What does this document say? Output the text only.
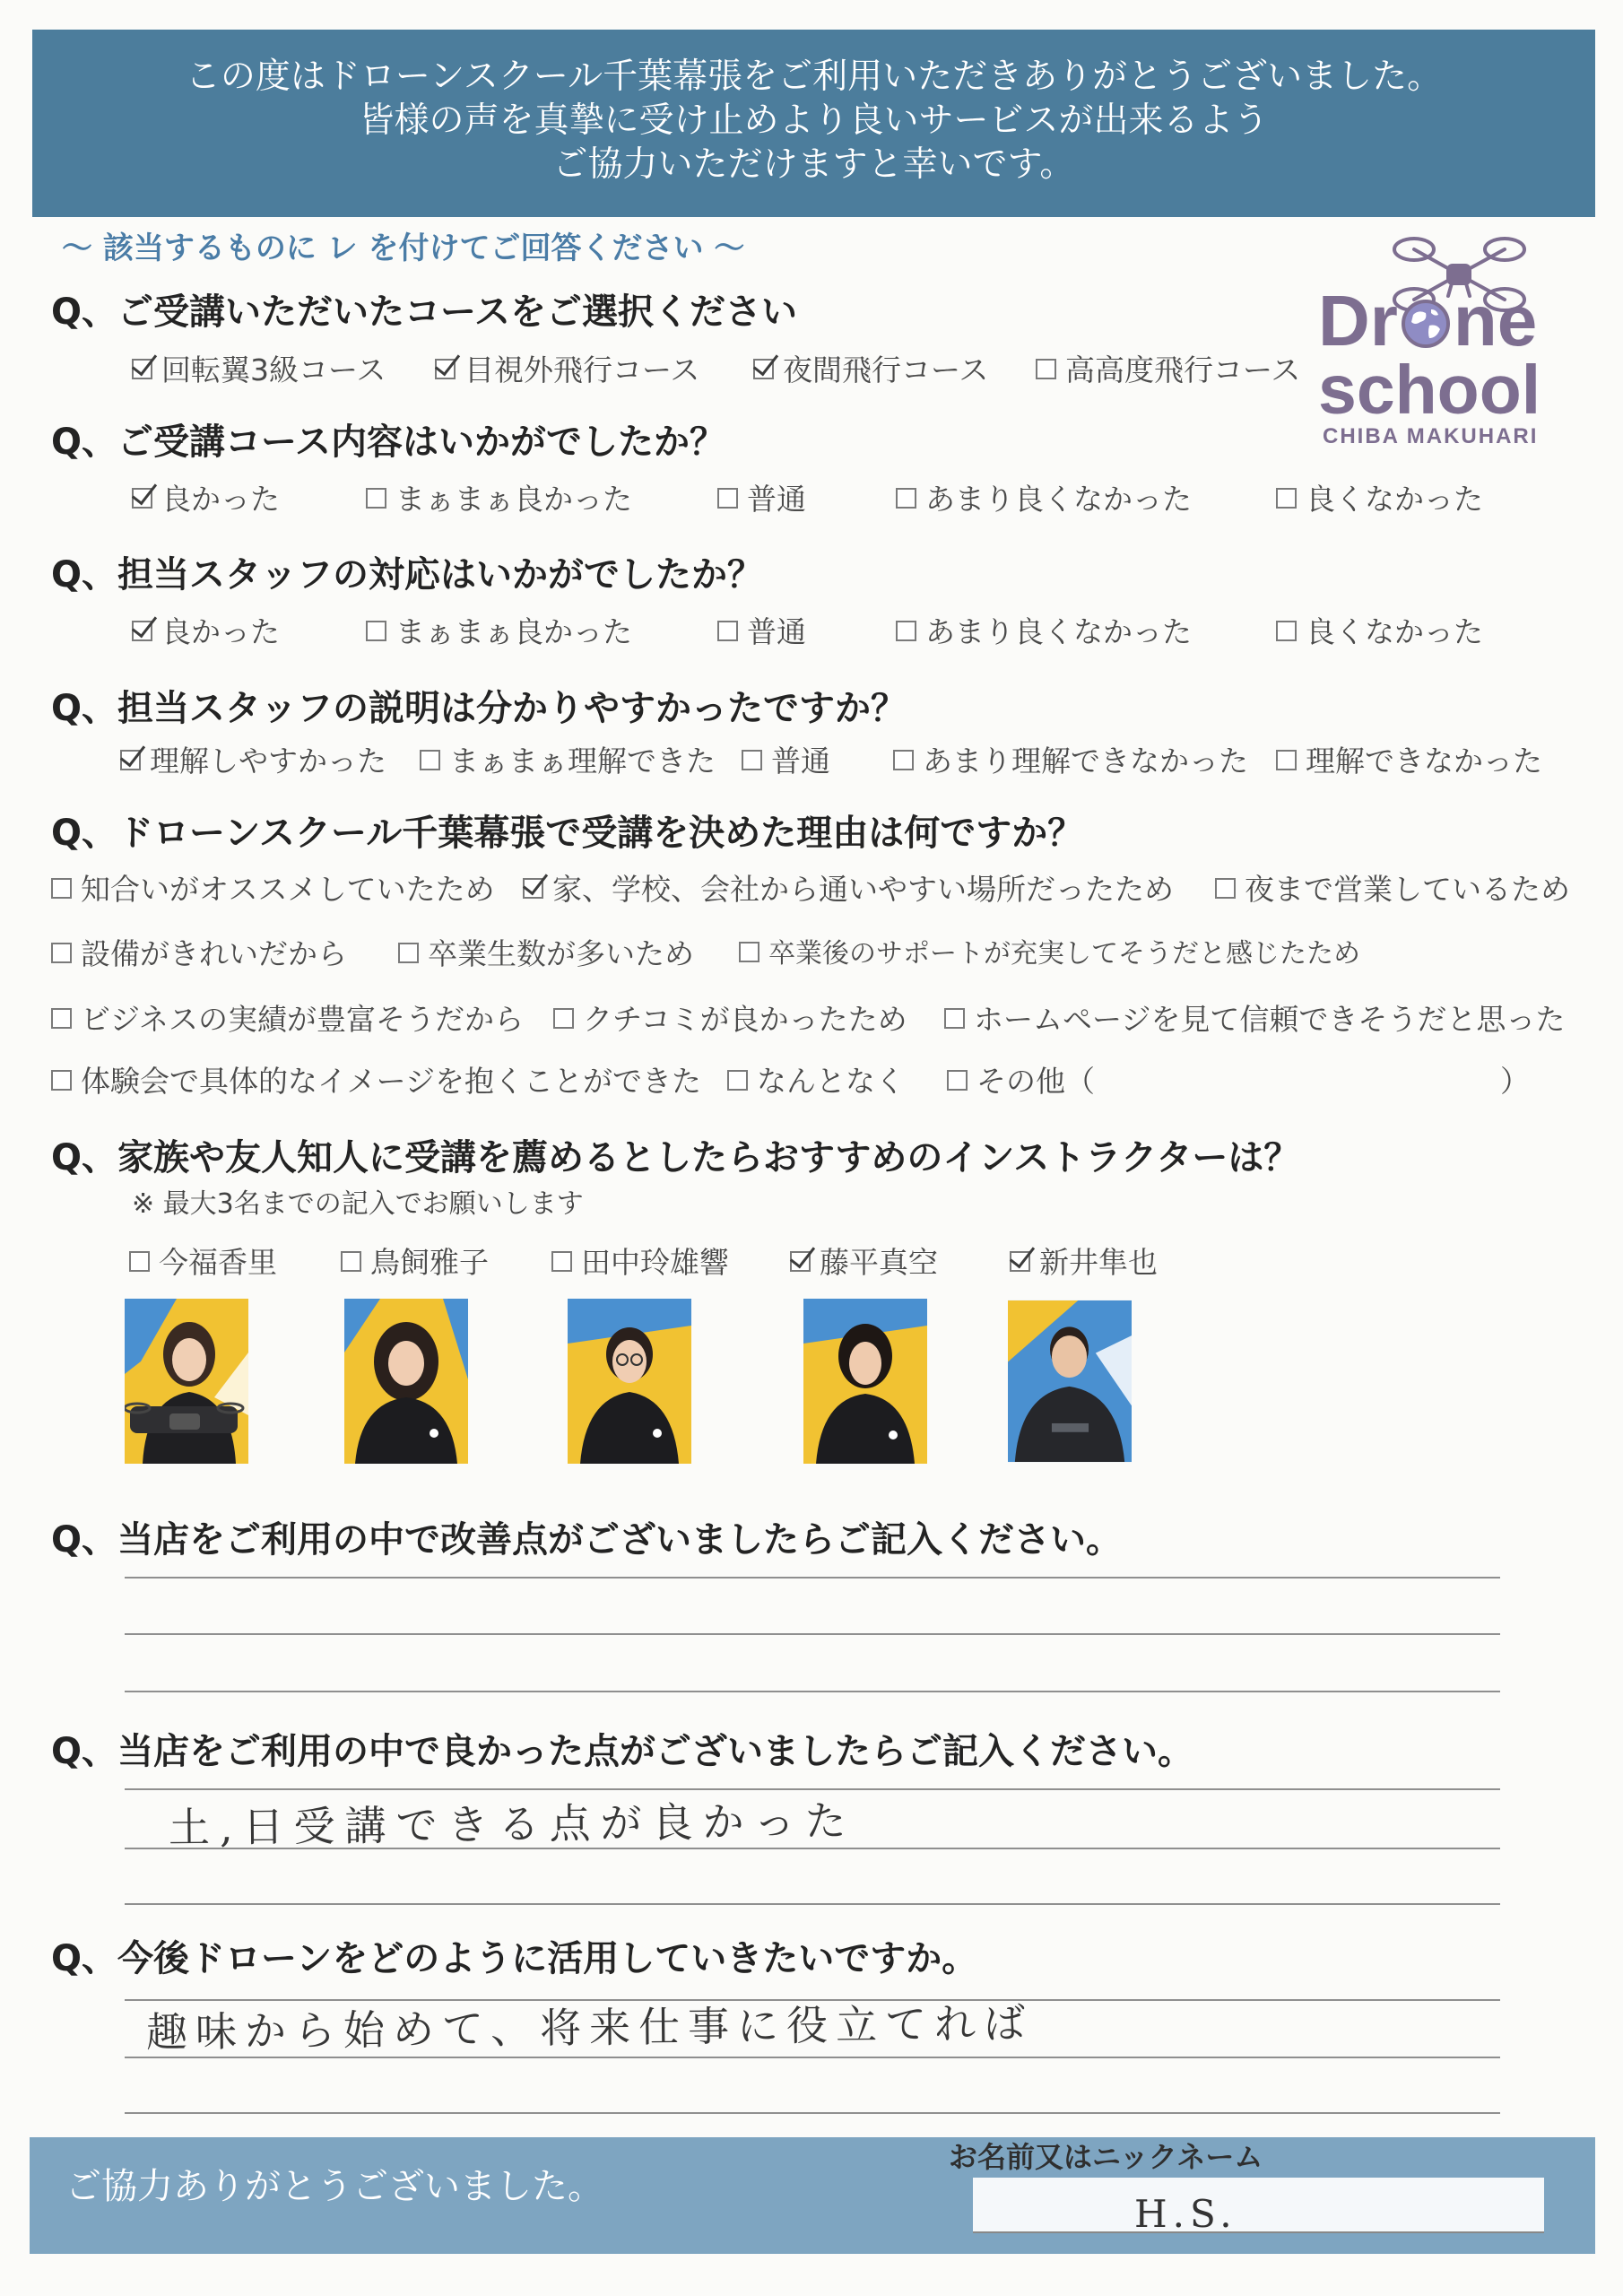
この度はドローンスクール千葉幕張をご利用いただきありがとうございました。
皆様の声を真摯に受け止めより良いサービスが出来るよう
ご協力いただけますと幸いです。
〜 該当するものに レ を付けてご回答ください 〜
Dr ne
school
CHIBA MAKUHARI
Q、ご受講いただいたコースをご選択ください
回転翼3級コース	目視外飛行コース	夜間飛行コース	高高度飛行コース
Q、ご受講コース内容はいかがでしたか？
良かった	まぁまぁ良かった	普通	あまり良くなかった	良くなかった
Q、担当スタッフの対応はいかがでしたか？
良かった	まぁまぁ良かった	普通	あまり良くなかった	良くなかった
Q、担当スタッフの説明は分かりやすかったですか？
理解しやすかった	まぁまぁ理解できた	普通	あまり理解できなかった	理解できなかった
Q、ドローンスクール千葉幕張で受講を決めた理由は何ですか？
知合いがオススメしていたため	家、学校、会社から通いやすい場所だったため	夜まで営業しているため
設備がきれいだから	卒業生数が多いため	卒業後のサポートが充実してそうだと感じたため
ビジネスの実績が豊富そうだから	クチコミが良かったため	ホームページを見て信頼できそうだと思った
体験会で具体的なイメージを抱くことができた	なんとなく	その他（	）
Q、家族や友人知人に受講を薦めるとしたらおすすめのインストラクターは？
※ 最大3名までの記入でお願いします
今福香里	鳥飼雅子	田中玲雄響	藤平真空	新井隼也
Q、当店をご利用の中で改善点がございましたらご記入ください。
Q、当店をご利用の中で良かった点がございましたらご記入ください。
土,日受講できる点が良かった
Q、今後ドローンをどのように活用していきたいですか。
趣味から始めて、将来仕事に役立てれば
ご協力ありがとうございました。
お名前又はニックネーム
H.S.
